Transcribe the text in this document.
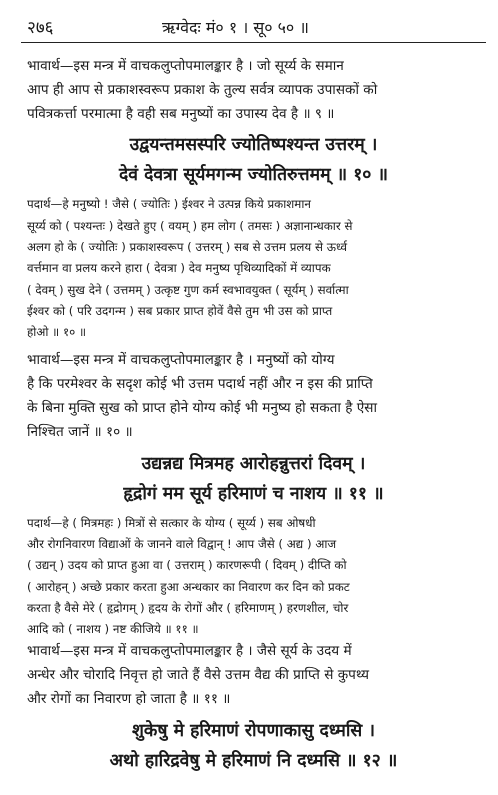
२७६	ऋग्वेदः मं० १ । सू० ५० ॥

भावार्थ—इस मन्त्र में वाचकलुप्तोपमालङ्कार है । जो सूर्य्य के समान

आप ही आप से प्रकाशस्वरूप प्रकाश के तुल्य सर्वत्र व्यापक उपासकों को

पवित्रकर्त्ता परमात्मा है वही सब मनुष्यों का उपास्य देव है ॥ ९ ॥

उद्वयन्तमसस्परि ज्योतिष्पश्यन्त उत्तरम् ।

देवं देवत्रा सूर्यमगन्म ज्योतिरुत्तमम् ॥ १० ॥

पदार्थ—हे मनुष्यो ! जैसे ( ज्योतिः ) ईश्वर ने उत्पन्न किये प्रकाशमान

सूर्य्य को ( पश्यन्तः ) देखते हुए ( वयम् ) हम लोग ( तमसः ) अज्ञानान्धकार से

अलग हो के ( ज्योतिः ) प्रकाशस्वरूप ( उत्तरम् ) सब से उत्तम प्रलय से ऊर्ध्व

वर्त्तमान वा प्रलय करने हारा ( देवत्रा ) देव मनुष्य पृथिव्यादिकों में व्यापक

( देवम् ) सुख देने ( उत्तमम् ) उत्कृष्ट गुण कर्म स्वभावयुक्त ( सूर्यम् ) सर्वात्मा

ईश्वर को ( परि उदगन्म ) सब प्रकार प्राप्त होवें वैसे तुम भी उस को प्राप्त

होओ ॥ १० ॥

भावार्थ—इस मन्त्र में वाचकलुप्तोपमालङ्कार है । मनुष्यों को योग्य

है कि परमेश्वर के सदृश कोई भी उत्तम पदार्थ नहीं और न इस की प्राप्ति

के बिना मुक्ति सुख को प्राप्त होने योग्य कोई भी मनुष्य हो सकता है ऐसा

निश्चित जानें ॥ १० ॥

उद्यन्नद्य मित्रमह आरोहन्नुत्तरां दिवम् ।

हृद्रोगं मम सूर्य हरिमाणं च नाशय ॥ ११ ॥

पदार्थ—हे ( मित्रमहः ) मित्रों से सत्कार के योग्य ( सूर्य्य ) सब ओषधी

और रोगनिवारण विद्याओं के जानने वाले विद्वान् ! आप जैसे ( अद्य ) आज

( उद्यन् ) उदय को प्राप्त हुआ वा ( उत्तराम् ) कारणरूपी ( दिवम् ) दीप्ति को

( आरोहन् ) अच्छे प्रकार करता हुआ अन्धकार का निवारण कर दिन को प्रकट

करता है वैसे मेरे ( हृद्रोगम् ) हृदय के रोगों और ( हरिमाणम् ) हरणशील, चोर

आदि को ( नाशय ) नष्ट कीजिये ॥ ११ ॥

भावार्थ—इस मन्त्र में वाचकलुप्तोपमालङ्कार है । जैसे सूर्य के उदय में

अन्धेर और चोरादि निवृत्त हो जाते हैं वैसे उत्तम वैद्य की प्राप्ति से कुपथ्य

और रोगों का निवारण हो जाता है ॥ ११ ॥

शुकेषु मे हरिमाणं रोपणाकासु दध्मसि ।

अथो हारिद्रवेषु मे हरिमाणं नि दध्मसि ॥ १२ ॥
